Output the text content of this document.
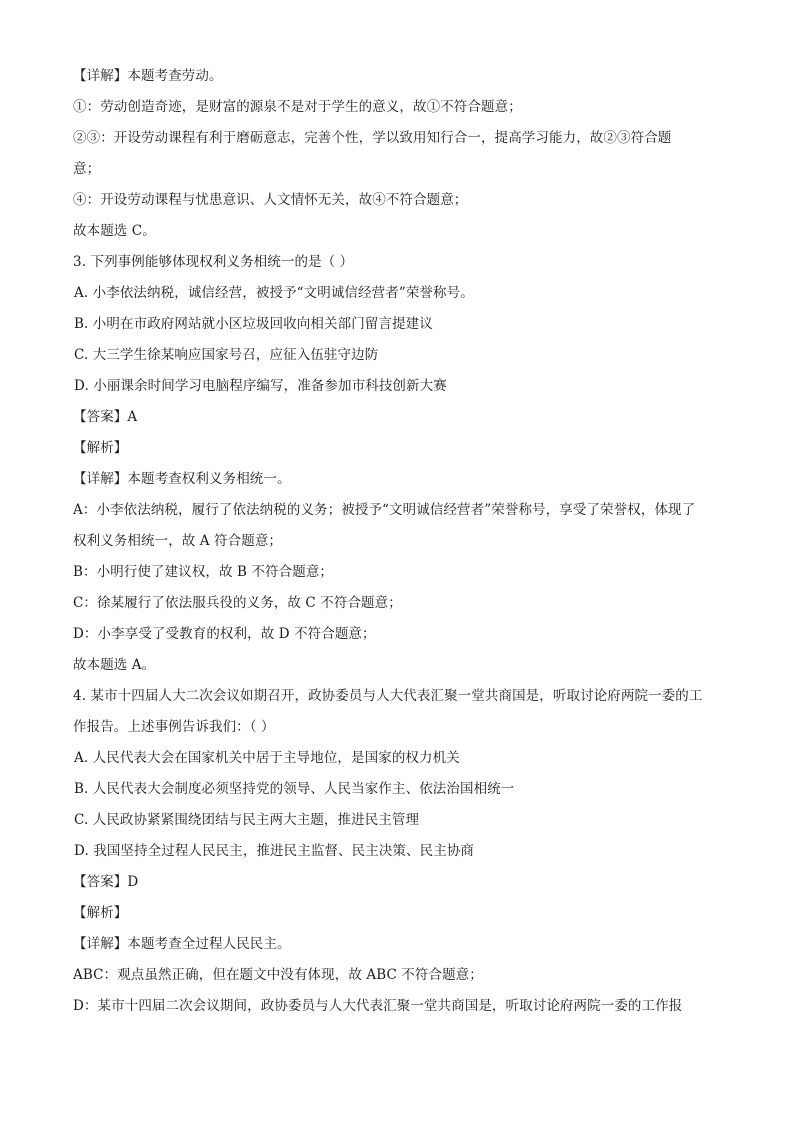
【详解】本题考查劳动。
①：劳动创造奇迹，是财富的源泉不是对于学生的意义，故①不符合题意；
②③：开设劳动课程有利于磨砺意志，完善个性，学以致用知行合一，提高学习能力，故②③符合题
意；
④：开设劳动课程与忧患意识、人文情怀无关，故④不符合题意；
故本题选 C。
3. 下列事例能够体现权利义务相统一的是（ ）
A. 小李依法纳税，诚信经营，被授予“文明诚信经营者”荣誉称号。
B. 小明在市政府网站就小区垃圾回收向相关部门留言提建议
C. 大三学生徐某响应国家号召，应征入伍驻守边防
D. 小丽课余时间学习电脑程序编写，准备参加市科技创新大赛
【答案】A
【解析】
【详解】本题考查权利义务相统一。
A：小李依法纳税，履行了依法纳税的义务；被授予“文明诚信经营者”荣誉称号，享受了荣誉权，体现了
权利义务相统一，故 A 符合题意；
B：小明行使了建议权，故 B 不符合题意；
C：徐某履行了依法服兵役的义务，故 C 不符合题意；
D：小李享受了受教育的权利，故 D 不符合题意；
故本题选 A。
4. 某市十四届人大二次会议如期召开，政协委员与人大代表汇聚一堂共商国是，听取讨论府两院一委的工
作报告。上述事例告诉我们：（ ）
A. 人民代表大会在国家机关中居于主导地位，是国家的权力机关
B. 人民代表大会制度必须坚持党的领导、人民当家作主、依法治国相统一
C. 人民政协紧紧围绕团结与民主两大主题，推进民主管理
D. 我国坚持全过程人民民主，推进民主监督、民主决策、民主协商
【答案】D
【解析】
【详解】本题考查全过程人民民主。
ABC：观点虽然正确，但在题文中没有体现，故 ABC 不符合题意；
D：某市十四届二次会议期间，政协委员与人大代表汇聚一堂共商国是，听取讨论府两院一委的工作报
